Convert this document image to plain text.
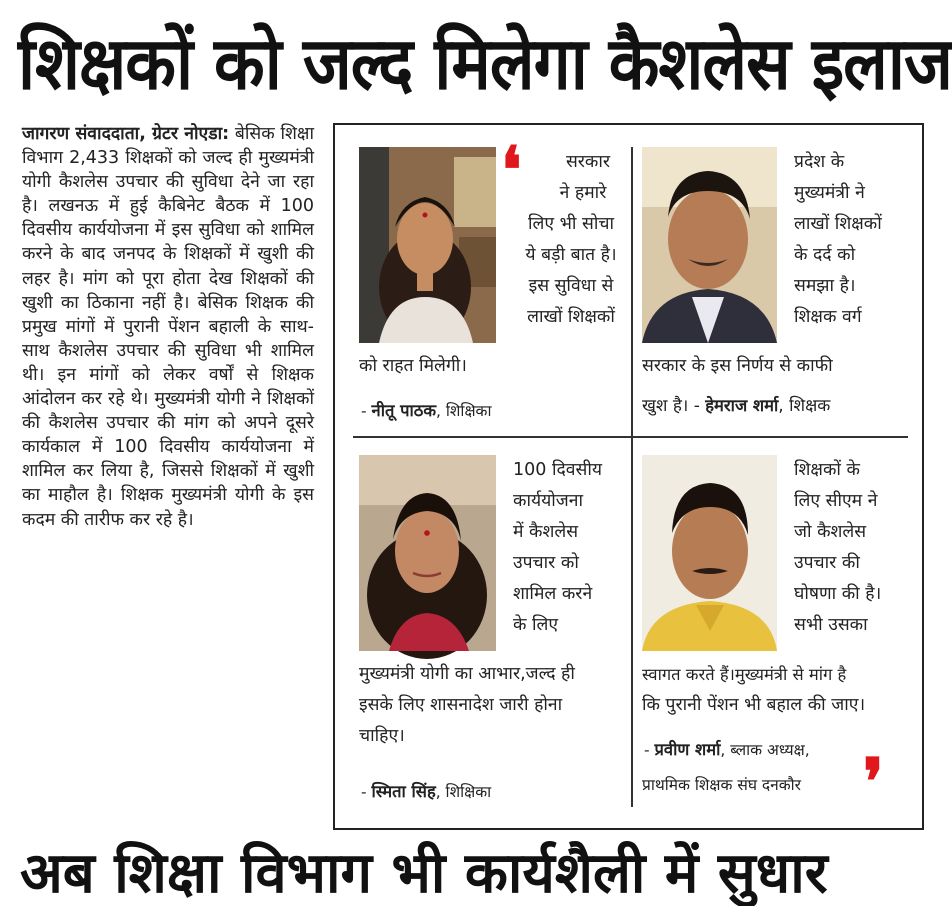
शिक्षकों को जल्द मिलेगा कैशलेस इलाज
जागरण संवाददाता, ग्रेटर नोएडा: बेसिक शिक्षा विभाग 2,433 शिक्षकों को जल्द ही मुख्यमंत्री योगी कैशलेस उपचार की सुविधा देने जा रहा है। लखनऊ में हुई कैबिनेट बैठक में 100 दिवसीय कार्ययोजना में इस सुविधा को शामिल करने के बाद जनपद के शिक्षकों में खुशी की लहर है। मांग को पूरा होता देख शिक्षकों की खुशी का ठिकाना नहीं है। बेसिक शिक्षक की प्रमुख मांगों में पुरानी पेंशन बहाली के साथ-साथ कैशलेस उपचार की सुविधा भी शामिल थी। इन मांगों को लेकर वर्षों से शिक्षक आंदोलन कर रहे थे। मुख्यमंत्री योगी ने शिक्षकों की कैशलेस उपचार की मांग को अपने दूसरे कार्यकाल में 100 दिवसीय कार्ययोजना में शामिल कर लिया है, जिससे शिक्षकों में खुशी का माहौल है। शिक्षक मुख्यमंत्री योगी के इस कदम की तारीफ कर रहे है।
❛	सरकार
ने हमारे
लिए भी सोचा
ये बड़ी बात है।
इस सुविधा से
लाखों शिक्षकों
को राहत मिलेगी।
- नीतू पाठक, शिक्षिका
प्रदेश के
मुख्यमंत्री ने
लाखों शिक्षकों
के दर्द को
समझा है।
शिक्षक वर्ग
सरकार के इस निर्णय से काफी
खुश है। - हेमराज शर्मा, शिक्षक
100 दिवसीय
कार्ययोजना
में कैशलेस
उपचार को
शामिल करने
के लिए
मुख्यमंत्री योगी का आभार,जल्द ही
इसके लिए शासनादेश जारी होना
चाहिए।
- स्मिता सिंह, शिक्षिका
शिक्षकों के
लिए सीएम ने
जो कैशलेस
उपचार की
घोषणा की है।
सभी उसका
स्वागत करते हैं।मुख्यमंत्री से मांग है
कि पुरानी पेंशन भी बहाल की जाए।
- प्रवीण शर्मा, ब्लाक अध्यक्ष,
प्राथमिक शिक्षक संघ दनकौर ❜
अब शिक्षा विभाग भी कार्यशैली में सुधार
